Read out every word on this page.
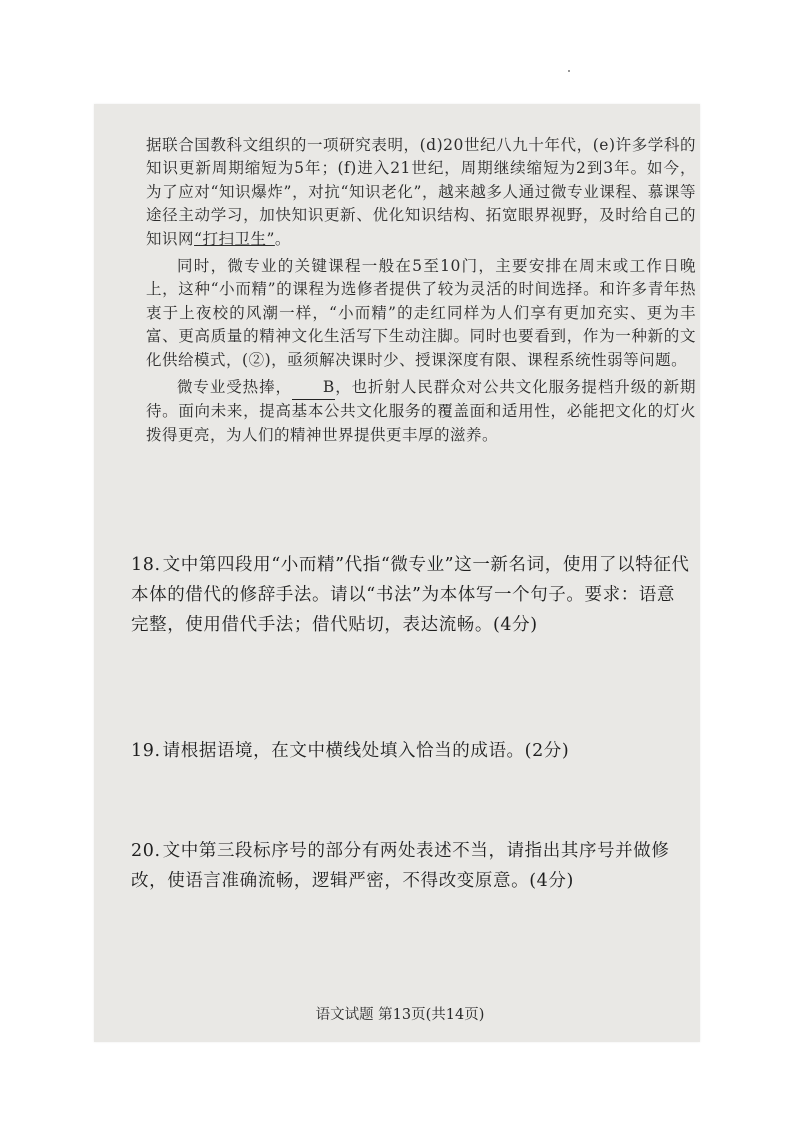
据联合国教科文组织的一项研究表明，(d)20世纪八九十年代，(e)许多学科的知识更新周期缩短为5年；(f)进入21世纪，周期继续缩短为2到3年。如今，为了应对“知识爆炸”，对抗“知识老化”，越来越多人通过微专业课程、慕课等途径主动学习，加快知识更新、优化知识结构、拓宽眼界视野，及时给自己的知识网“打扫卫生”。

同时，微专业的关键课程一般在5至10门，主要安排在周末或工作日晚上，这种“小而精”的课程为选修者提供了较为灵活的时间选择。和许多青年热衷于上夜校的风潮一样，“小而精”的走红同样为人们享有更加充实、更为丰富、更高质量的精神文化生活写下生动注脚。同时也要看到，作为一种新的文化供给模式，(②)，亟须解决课时少、授课深度有限、课程系统性弱等问题。

微专业受热捧， B，也折射人民群众对公共文化服务提档升级的新期待。面向未来，提高基本公共文化服务的覆盖面和适用性，必能把文化的灯火拨得更亮，为人们的精神世界提供更丰厚的滋养。

18. 文中第四段用“小而精”代指“微专业”这一新名词，使用了以特征代本体的借代的修辞手法。请以“书法”为本体写一个句子。要求：语意完整，使用借代手法；借代贴切，表达流畅。(4分)
19. 请根据语境，在文中横线处填入恰当的成语。(2分)
20. 文中第三段标序号的部分有两处表述不当，请指出其序号并做修改，使语言准确流畅，逻辑严密，不得改变原意。(4分)
语文试题 第13页(共14页)
